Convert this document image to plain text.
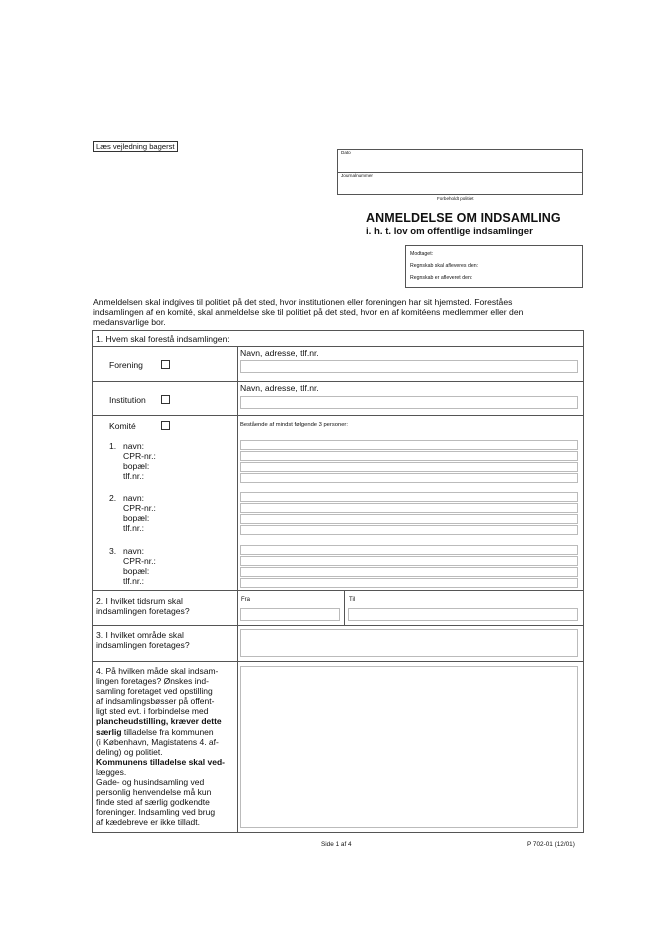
Læs vejledning bagerst
Dato
Journalnummer
Forbeholdt politiet
ANMELDELSE OM INDSAMLING
i. h. t. lov om offentlige indsamlinger
Modtaget:
Regnskab skal afleveres den:
Regnskab er afleveret den:
Anmeldelsen skal indgives til politiet på det sted, hvor institutionen eller foreningen har sit hjemsted. Foreståes
indsamlingen af en komité, skal anmeldelse ske til politiet på det sted, hvor en af komitéens medlemmer eller den
medansvarlige bor.
1. Hvem skal forestå indsamlingen:
Forening
Navn, adresse, tlf.nr.
Institution
Navn, adresse, tlf.nr.
Komité	Bestående af mindst følgende 3 personer:
1. navn:
CPR-nr.:
bopæl:
tlf.nr.:
2. navn:
CPR-nr.:
bopæl:
tlf.nr.:
3. navn:
CPR-nr.:
bopæl:
tlf.nr.:
2. I hvilket tidsrum skal
indsamlingen foretages?
Fra	Til
3. I hvilket område skal
indsamlingen foretages?
4. På hvilken måde skal indsam-
lingen foretages? Ønskes ind-
samling foretaget ved opstilling
af indsamlingsbøsser på offent-
ligt sted evt. i forbindelse med
plancheudstilling, kræver dette
særlig tilladelse fra kommunen
(i København, Magistatens 4. af-
deling) og politiet.
Kommunens tilladelse skal ved-
lægges.
Gade- og husindsamling ved
personlig henvendelse må kun
finde sted af særlig godkendte
foreninger. Indsamling ved brug
af kædebreve er ikke tilladt.
Side 1 af 4	P 702-01 (12/01)
